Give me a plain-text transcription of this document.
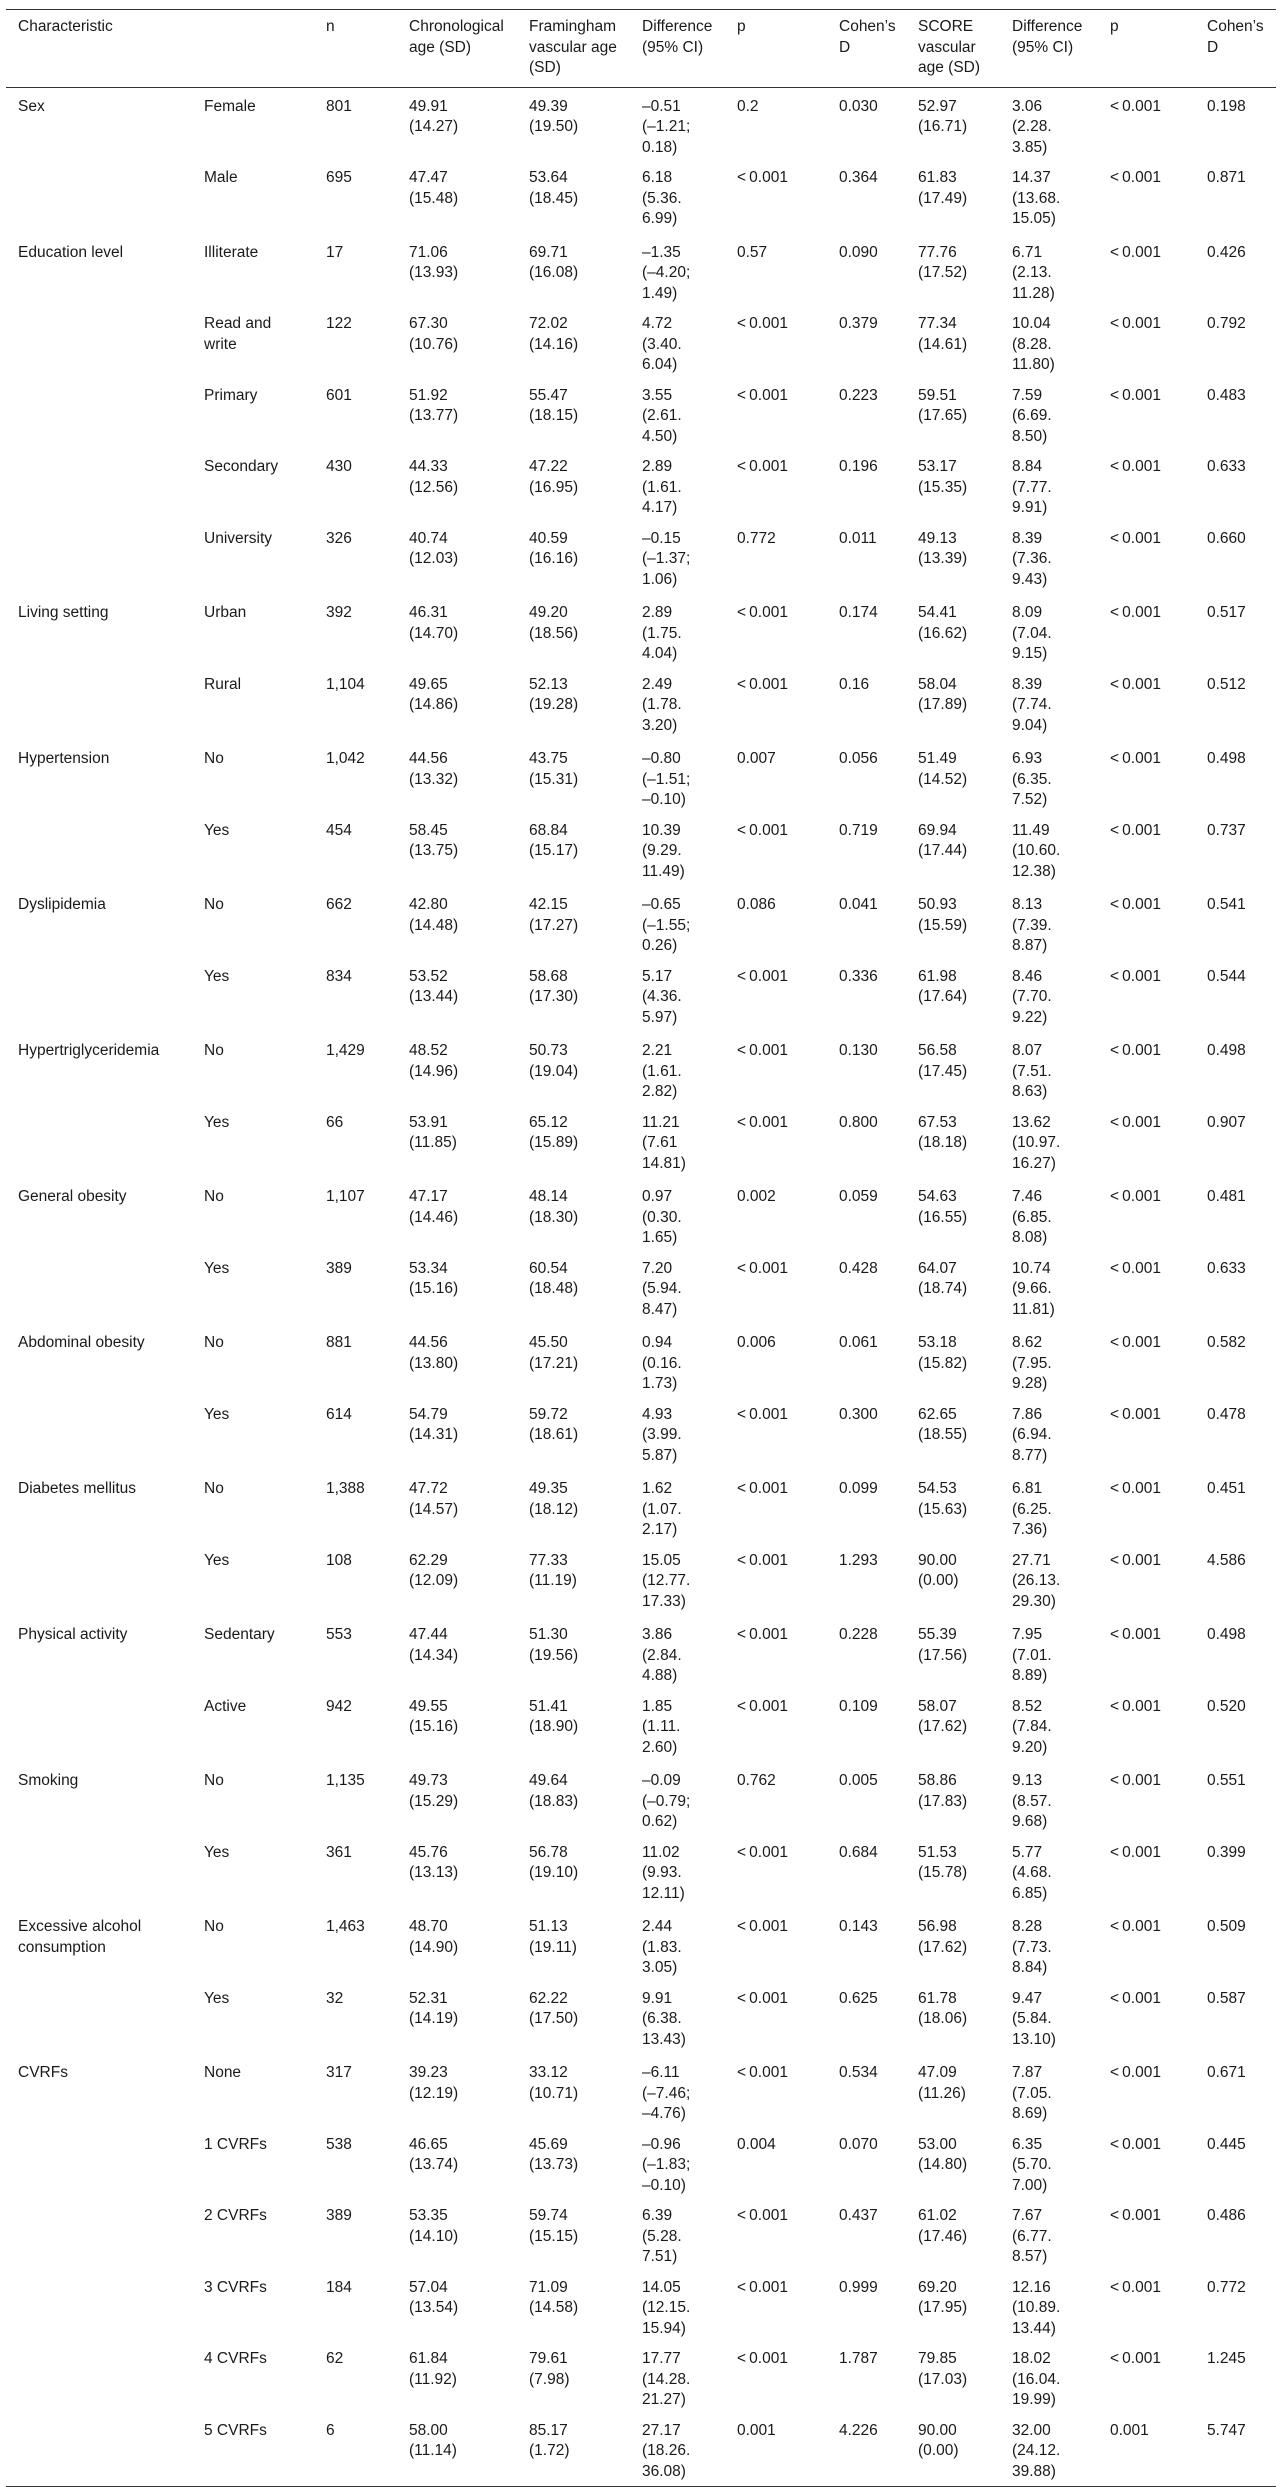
Characteristic		n	Chronological age (SD)	Framingham vascular age (SD)	Difference (95% CI)	p	Cohen’s D	SCORE vascular age (SD)	Difference (95% CI)	p	Cohen’s D
Sex	Female	801	49.91
(14.27)	49.39
(19.50)	–0.51
(–1.21;
0.18)	0.2	0.030	52.97
(16.71)	3.06
(2.28.
3.85)	< 0.001	0.198
	Male	695	47.47
(15.48)	53.64
(18.45)	6.18
(5.36.
6.99)	< 0.001	0.364	61.83
(17.49)	14.37
(13.68.
15.05)	< 0.001	0.871
Education level	Illiterate	17	71.06
(13.93)	69.71
(16.08)	–1.35
(–4.20;
1.49)	0.57	0.090	77.76
(17.52)	6.71
(2.13.
11.28)	< 0.001	0.426
	Read and
write	122	67.30
(10.76)	72.02
(14.16)	4.72
(3.40.
6.04)	< 0.001	0.379	77.34
(14.61)	10.04
(8.28.
11.80)	< 0.001	0.792
	Primary	601	51.92
(13.77)	55.47
(18.15)	3.55
(2.61.
4.50)	< 0.001	0.223	59.51
(17.65)	7.59
(6.69.
8.50)	< 0.001	0.483
	Secondary	430	44.33
(12.56)	47.22
(16.95)	2.89
(1.61.
4.17)	< 0.001	0.196	53.17
(15.35)	8.84
(7.77.
9.91)	< 0.001	0.633
	University	326	40.74
(12.03)	40.59
(16.16)	–0.15
(–1.37;
1.06)	0.772	0.011	49.13
(13.39)	8.39
(7.36.
9.43)	< 0.001	0.660
Living setting	Urban	392	46.31
(14.70)	49.20
(18.56)	2.89
(1.75.
4.04)	< 0.001	0.174	54.41
(16.62)	8.09
(7.04.
9.15)	< 0.001	0.517
	Rural	1,104	49.65
(14.86)	52.13
(19.28)	2.49
(1.78.
3.20)	< 0.001	0.16	58.04
(17.89)	8.39
(7.74.
9.04)	< 0.001	0.512
Hypertension	No	1,042	44.56
(13.32)	43.75
(15.31)	–0.80
(–1.51;
–0.10)	0.007	0.056	51.49
(14.52)	6.93
(6.35.
7.52)	< 0.001	0.498
	Yes	454	58.45
(13.75)	68.84
(15.17)	10.39
(9.29.
11.49)	< 0.001	0.719	69.94
(17.44)	11.49
(10.60.
12.38)	< 0.001	0.737
Dyslipidemia	No	662	42.80
(14.48)	42.15
(17.27)	–0.65
(–1.55;
0.26)	0.086	0.041	50.93
(15.59)	8.13
(7.39.
8.87)	< 0.001	0.541
	Yes	834	53.52
(13.44)	58.68
(17.30)	5.17
(4.36.
5.97)	< 0.001	0.336	61.98
(17.64)	8.46
(7.70.
9.22)	< 0.001	0.544
Hypertriglyceridemia	No	1,429	48.52
(14.96)	50.73
(19.04)	2.21
(1.61.
2.82)	< 0.001	0.130	56.58
(17.45)	8.07
(7.51.
8.63)	< 0.001	0.498
	Yes	66	53.91
(11.85)	65.12
(15.89)	11.21
(7.61
14.81)	< 0.001	0.800	67.53
(18.18)	13.62
(10.97.
16.27)	< 0.001	0.907
General obesity	No	1,107	47.17
(14.46)	48.14
(18.30)	0.97
(0.30.
1.65)	0.002	0.059	54.63
(16.55)	7.46
(6.85.
8.08)	< 0.001	0.481
	Yes	389	53.34
(15.16)	60.54
(18.48)	7.20
(5.94.
8.47)	< 0.001	0.428	64.07
(18.74)	10.74
(9.66.
11.81)	< 0.001	0.633
Abdominal obesity	No	881	44.56
(13.80)	45.50
(17.21)	0.94
(0.16.
1.73)	0.006	0.061	53.18
(15.82)	8.62
(7.95.
9.28)	< 0.001	0.582
	Yes	614	54.79
(14.31)	59.72
(18.61)	4.93
(3.99.
5.87)	< 0.001	0.300	62.65
(18.55)	7.86
(6.94.
8.77)	< 0.001	0.478
Diabetes mellitus	No	1,388	47.72
(14.57)	49.35
(18.12)	1.62
(1.07.
2.17)	< 0.001	0.099	54.53
(15.63)	6.81
(6.25.
7.36)	< 0.001	0.451
	Yes	108	62.29
(12.09)	77.33
(11.19)	15.05
(12.77.
17.33)	< 0.001	1.293	90.00
(0.00)	27.71
(26.13.
29.30)	< 0.001	4.586
Physical activity	Sedentary	553	47.44
(14.34)	51.30
(19.56)	3.86
(2.84.
4.88)	< 0.001	0.228	55.39
(17.56)	7.95
(7.01.
8.89)	< 0.001	0.498
	Active	942	49.55
(15.16)	51.41
(18.90)	1.85
(1.11.
2.60)	< 0.001	0.109	58.07
(17.62)	8.52
(7.84.
9.20)	< 0.001	0.520
Smoking	No	1,135	49.73
(15.29)	49.64
(18.83)	–0.09
(–0.79;
0.62)	0.762	0.005	58.86
(17.83)	9.13
(8.57.
9.68)	< 0.001	0.551
	Yes	361	45.76
(13.13)	56.78
(19.10)	11.02
(9.93.
12.11)	< 0.001	0.684	51.53
(15.78)	5.77
(4.68.
6.85)	< 0.001	0.399
Excessive alcohol
consumption	No	1,463	48.70
(14.90)	51.13
(19.11)	2.44
(1.83.
3.05)	< 0.001	0.143	56.98
(17.62)	8.28
(7.73.
8.84)	< 0.001	0.509
	Yes	32	52.31
(14.19)	62.22
(17.50)	9.91
(6.38.
13.43)	< 0.001	0.625	61.78
(18.06)	9.47
(5.84.
13.10)	< 0.001	0.587
CVRFs	None	317	39.23
(12.19)	33.12
(10.71)	–6.11
(–7.46;
–4.76)	< 0.001	0.534	47.09
(11.26)	7.87
(7.05.
8.69)	< 0.001	0.671
	1 CVRFs	538	46.65
(13.74)	45.69
(13.73)	–0.96
(–1.83;
–0.10)	0.004	0.070	53.00
(14.80)	6.35
(5.70.
7.00)	< 0.001	0.445
	2 CVRFs	389	53.35
(14.10)	59.74
(15.15)	6.39
(5.28.
7.51)	< 0.001	0.437	61.02
(17.46)	7.67
(6.77.
8.57)	< 0.001	0.486
	3 CVRFs	184	57.04
(13.54)	71.09
(14.58)	14.05
(12.15.
15.94)	< 0.001	0.999	69.20
(17.95)	12.16
(10.89.
13.44)	< 0.001	0.772
	4 CVRFs	62	61.84
(11.92)	79.61
(7.98)	17.77
(14.28.
21.27)	< 0.001	1.787	79.85
(17.03)	18.02
(16.04.
19.99)	< 0.001	1.245
	5 CVRFs	6	58.00
(11.14)	85.17
(1.72)	27.17
(18.26.
36.08)	0.001	4.226	90.00
(0.00)	32.00
(24.12.
39.88)	0.001	5.747
